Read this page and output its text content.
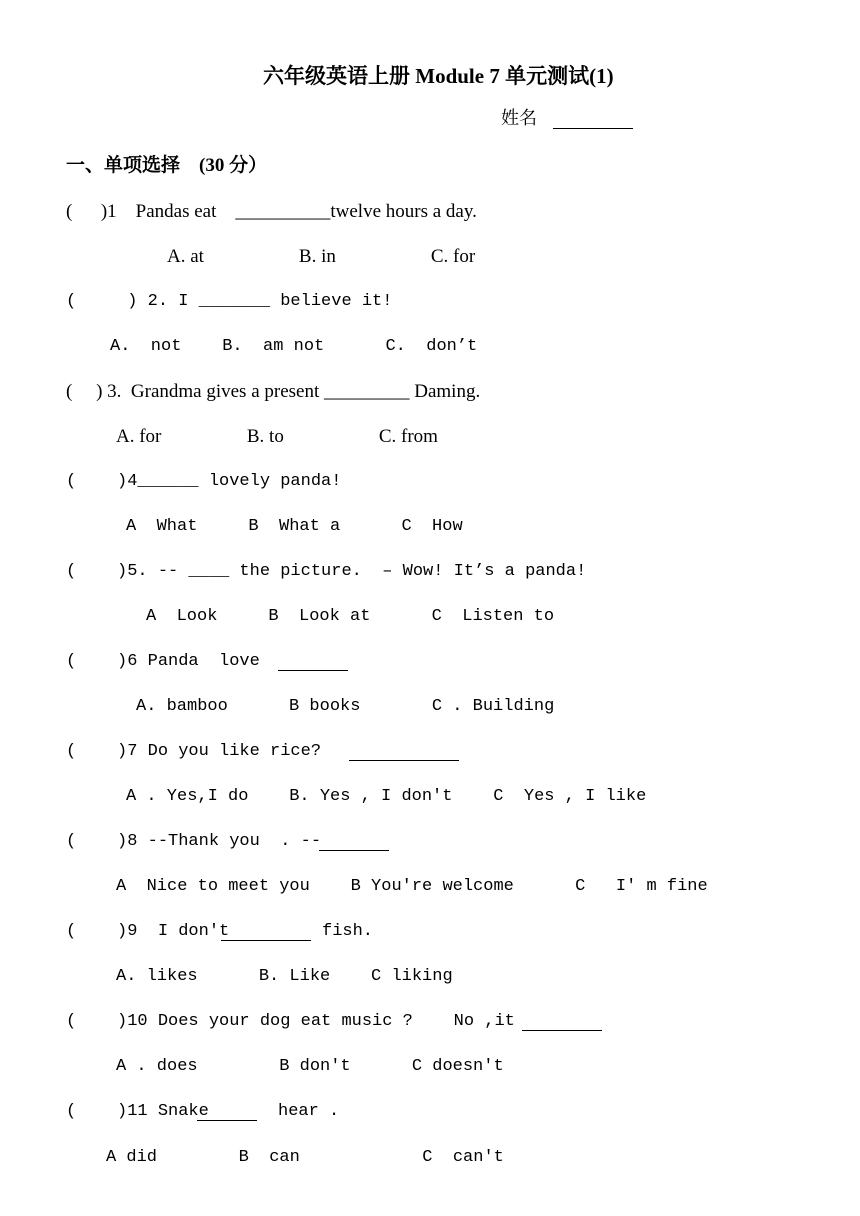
六年级英语上册 Module 7 单元测试(1)
姓名
一、单项选择　(30 分）
(      )1    Pandas eat    __________twelve hours a day.
A. at                    B. in                    C. for
(     ) 2. I _______ believe it!
A.  not    B.  am not      C.  don’t
(     ) 3.  Grandma gives a present _________ Daming.
A. for                  B. to                    C. from
(    )4______ lovely panda!
A  What     B  What a      C  How
(    )5. -- ____ the picture.  – Wow! It’s a panda!
A  Look     B  Look at      C  Listen to
(    )6 Panda  love
A. bamboo      B books       C . Building
(    )7 Do you like rice?
A . Yes,I do    B. Yes , I don't    C  Yes , I like
(    )8 --Thank you  . --
A  Nice to meet you    B You're welcome      C   I' m fine
(    )9  I don't	fish.
A. likes      B. Like    C liking
(    )10 Does your dog eat music ?    No ,it
A . does        B don't      C doesn't
(    )11 Snake	hear .
A did        B  can            C  can't
